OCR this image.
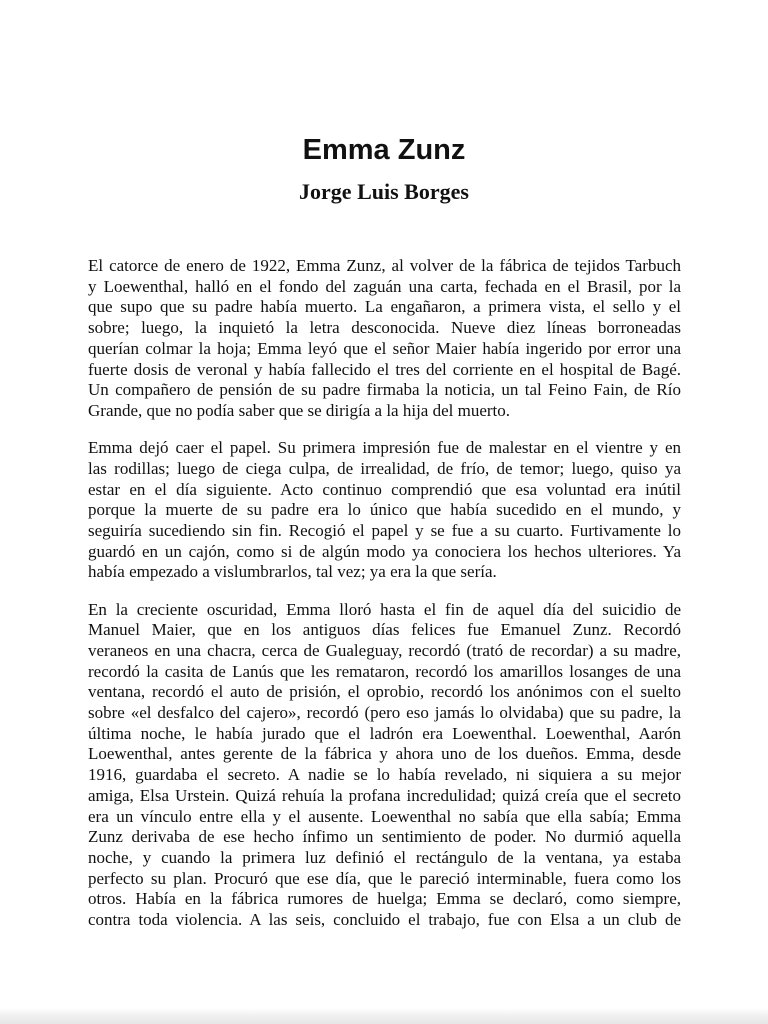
Emma Zunz
Jorge Luis Borges

El catorce de enero de 1922, Emma Zunz, al volver de la fábrica de tejidos Tarbuch
y Loewenthal, halló en el fondo del zaguán una carta, fechada en el Brasil, por la
que supo que su padre había muerto. La engañaron, a primera vista, el sello y el
sobre; luego, la inquietó la letra desconocida. Nueve diez líneas borroneadas
querían colmar la hoja; Emma leyó que el señor Maier había ingerido por error una
fuerte dosis de veronal y había fallecido el tres del corriente en el hospital de Bagé.
Un compañero de pensión de su padre firmaba la noticia, un tal Feino Fain, de Río
Grande, que no podía saber que se dirigía a la hija del muerto.

Emma dejó caer el papel. Su primera impresión fue de malestar en el vientre y en
las rodillas; luego de ciega culpa, de irrealidad, de frío, de temor; luego, quiso ya
estar en el día siguiente. Acto continuo comprendió que esa voluntad era inútil
porque la muerte de su padre era lo único que había sucedido en el mundo, y
seguiría sucediendo sin fin. Recogió el papel y se fue a su cuarto. Furtivamente lo
guardó en un cajón, como si de algún modo ya conociera los hechos ulteriores. Ya
había empezado a vislumbrarlos, tal vez; ya era la que sería.

En la creciente oscuridad, Emma lloró hasta el fin de aquel día del suicidio de
Manuel Maier, que en los antiguos días felices fue Emanuel Zunz. Recordó
veraneos en una chacra, cerca de Gualeguay, recordó (trató de recordar) a su madre,
recordó la casita de Lanús que les remataron, recordó los amarillos losanges de una
ventana, recordó el auto de prisión, el oprobio, recordó los anónimos con el suelto
sobre «el desfalco del cajero», recordó (pero eso jamás lo olvidaba) que su padre, la
última noche, le había jurado que el ladrón era Loewenthal. Loewenthal, Aarón
Loewenthal, antes gerente de la fábrica y ahora uno de los dueños. Emma, desde
1916, guardaba el secreto. A nadie se lo había revelado, ni siquiera a su mejor
amiga, Elsa Urstein. Quizá rehuía la profana incredulidad; quizá creía que el secreto
era un vínculo entre ella y el ausente. Loewenthal no sabía que ella sabía; Emma
Zunz derivaba de ese hecho ínfimo un sentimiento de poder. No durmió aquella
noche, y cuando la primera luz definió el rectángulo de la ventana, ya estaba
perfecto su plan. Procuró que ese día, que le pareció interminable, fuera como los
otros. Había en la fábrica rumores de huelga; Emma se declaró, como siempre,
contra toda violencia. A las seis, concluido el trabajo, fue con Elsa a un club de
